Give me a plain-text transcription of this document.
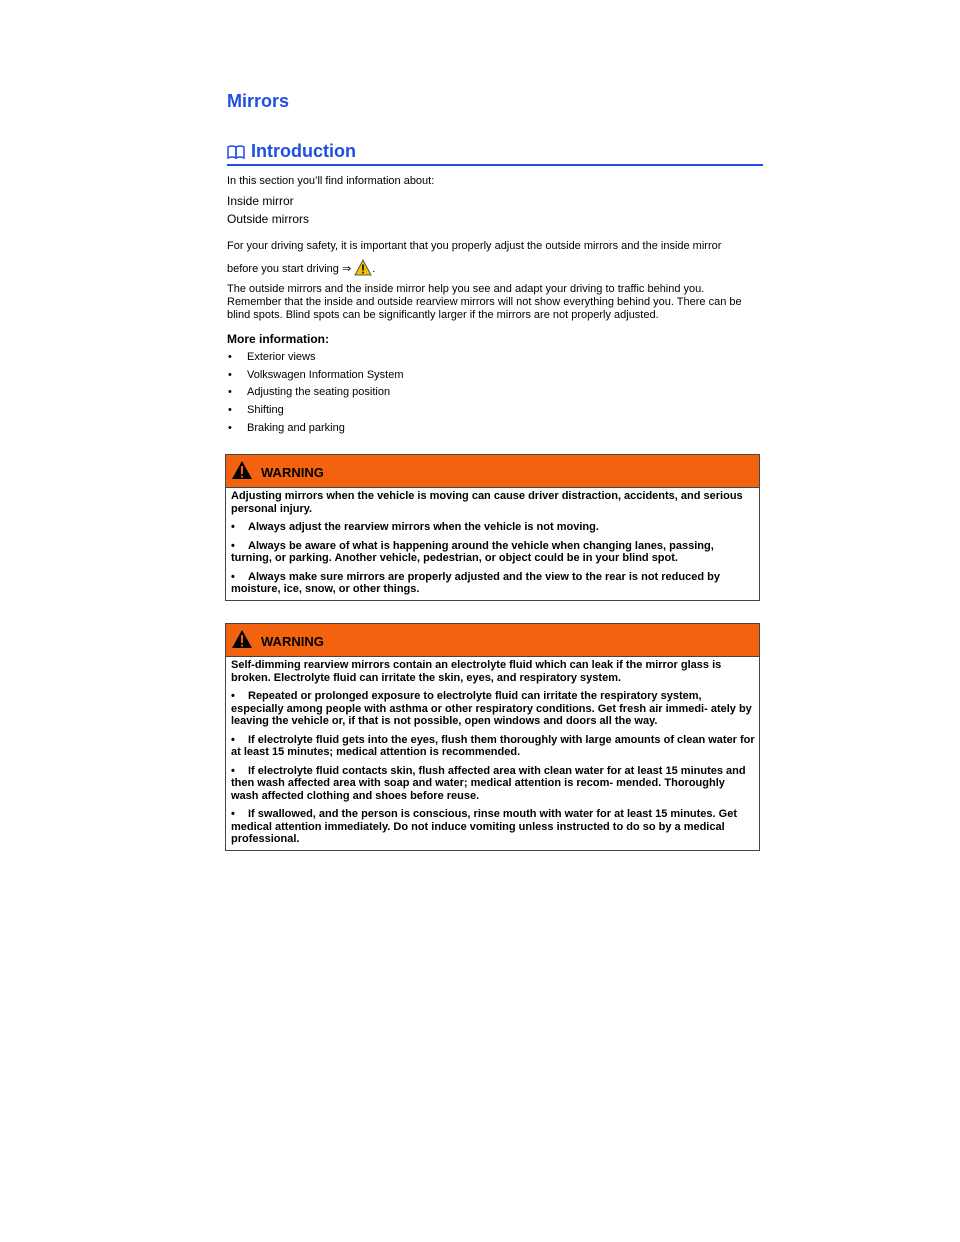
Mirrors
Introduction
In this section you’ll find information about:
Inside mirror
Outside mirrors
For your driving safety, it is important that you properly adjust the outside mirrors and the inside mirror
before you start driving ⇒ .
The outside mirrors and the inside mirror help you see and adapt your driving to traffic behind you. Remember that the inside and outside rearview mirrors will not show everything behind you. There can be blind spots. Blind spots can be significantly larger if the mirrors are not properly adjusted.
More information:
• Exterior views
• Volkswagen Information System
• Adjusting the seating position
• Shifting
• Braking and parking
WARNING

Adjusting mirrors when the vehicle is moving can cause driver distraction, accidents, and serious personal injury.

• Always adjust the rearview mirrors when the vehicle is not moving.

• Always be aware of what is happening around the vehicle when changing lanes, passing, turning, or parking. Another vehicle, pedestrian, or object could be in your blind spot.

• Always make sure mirrors are properly adjusted and the view to the rear is not reduced by moisture, ice, snow, or other things.

WARNING

Self-dimming rearview mirrors contain an electrolyte fluid which can leak if the mirror glass is broken. Electrolyte fluid can irritate the skin, eyes, and respiratory system.

• Repeated or prolonged exposure to electrolyte fluid can irritate the respiratory system, especially among people with asthma or other respiratory conditions. Get fresh air immedi- ately by leaving the vehicle or, if that is not possible, open windows and doors all the way.

• If electrolyte fluid gets into the eyes, flush them thoroughly with large amounts of clean water for at least 15 minutes; medical attention is recommended.

• If electrolyte fluid contacts skin, flush affected area with clean water for at least 15 minutes and then wash affected area with soap and water; medical attention is recom- mended. Thoroughly wash affected clothing and shoes before reuse.

• If swallowed, and the person is conscious, rinse mouth with water for at least 15 minutes. Get medical attention immediately. Do not induce vomiting unless instructed to do so by a medical professional.
